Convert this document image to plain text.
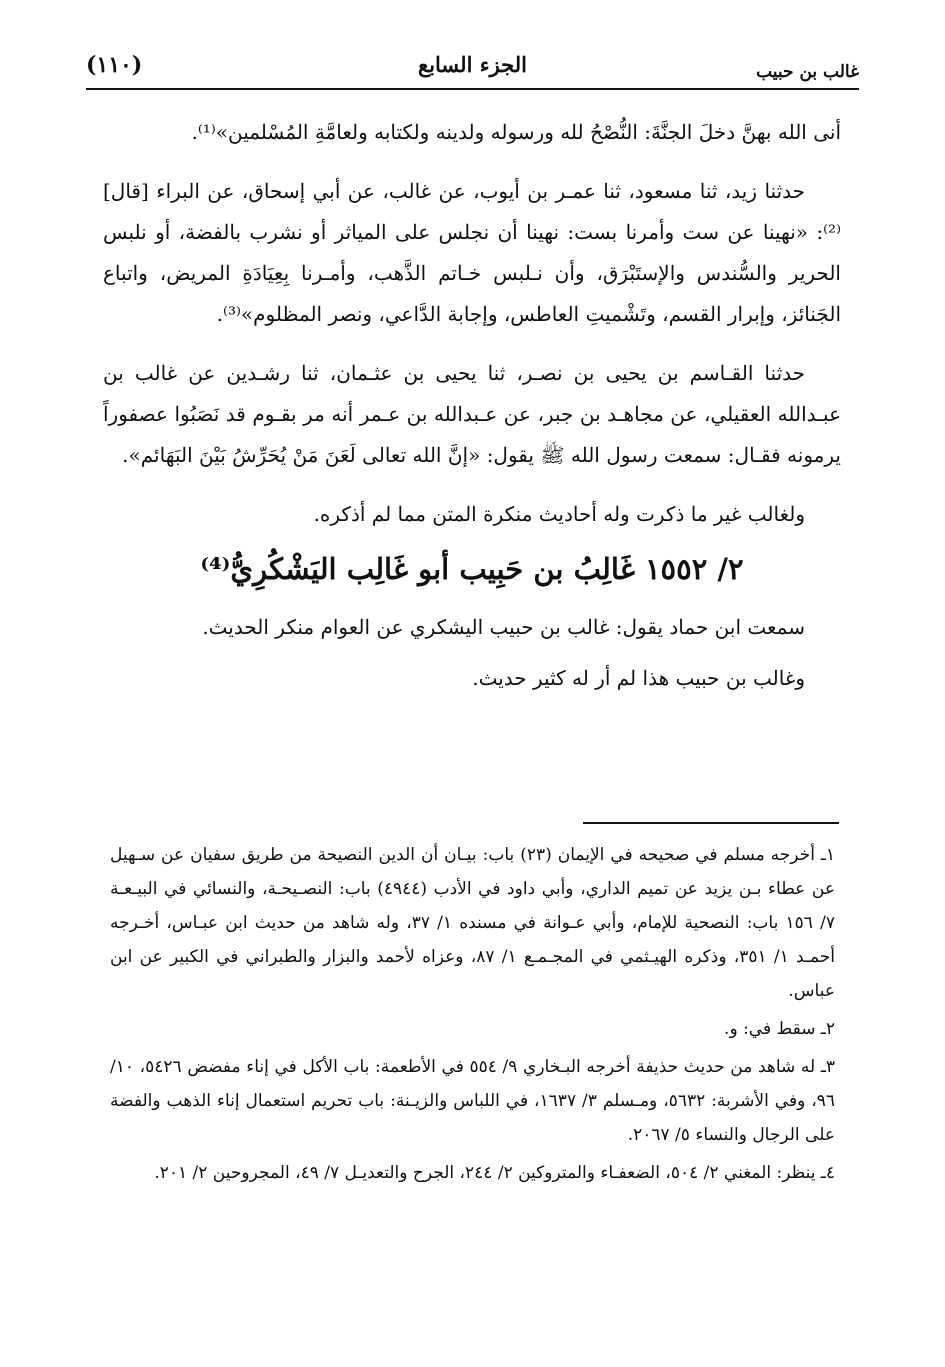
غالب بن حبيب
الجزء السابع
(١١٠)

أنى الله بهنَّ دخلَ الجنَّةَ: النُّصْحُ لله ورسوله ولدينه ولكتابه ولعامَّةِ المُسْلمين»⁽¹⁾.

حدثنا زيد، ثنا مسعود، ثنا عمـر بن أيوب، عن غالب، عن أبي إسحاق، عن البراء [قال]⁽²⁾: «نهينا عن ست وأمرنا بست: نهينا أن نجلس على المياثر أو نشرب بالفضة، أو نلبس الحرير والسُّندس والإستَبْرَق، وأن نـلبس خـاتم الذَّهب، وأمـرنا بِعِيَادَةِ المريض، واتباع الجَنائز، وإبرار القسم، وتَشْميتِ العاطس، وإجابة الدَّاعي، ونصر المظلوم»⁽³⁾.

حدثنا القـاسم بن يحيى بن نصـر، ثنا يحيى بن عثـمان، ثنا رشـدين عن غالب بن عبـدالله العقيلي، عن مجاهـد بن جبر، عن عـبدالله بن عـمر أنه مر بقـوم قد نَصَبُوا عصفوراً يرمونه فقـال: سمعت رسول الله ﷺ يقول: «إنَّ الله تعالى لَعَنَ مَنْ يُحَرِّشُ بَيْنَ البَهَائم».

ولغالب غير ما ذكرت وله أحاديث منكرة المتن مما لم أذكره.

٢/ ١٥٥٢ غَالِبُ بن حَبِيب أبو غَالِب اليَشْكُرِيُّ⁽⁴⁾

سمعت ابن حماد يقول: غالب بن حبيب اليشكري عن العوام منكر الحديث.

وغالب بن حبيب هذا لم أر له كثير حديث.

١ـ أخرجه مسلم في صحيحه في الإيمان (٢٣) باب: بيـان أن الدين النصيحة من طريق سفيان عن سـهيل عن عطاء بـن يزيد عن تميم الداري، وأبي داود في الأدب (٤٩٤٤) باب: النصـيحـة، والنسائي في البيـعـة ٧/ ١٥٦ باب: النصحية للإمام، وأبي عـوانة في مسنده ١/ ٣٧، وله شاهد من حديث ابن عبـاس، أخـرجه أحمـد ١/ ٣٥١، وذكره الهيـثمي في المجـمـع ١/ ٨٧، وعزاه لأحمد والبزار والطبراني في الكبير عن ابن عباس.

٢ـ سقط في: و.

٣ـ له شاهد من حديث حذيفة أخرجه البـخاري ٩/ ٥٥٤ في الأطعمة: باب الأكل في إناء مفضض ٥٤٢٦، ١٠/ ٩٦، وفي الأشربة: ٥٦٣٢، ومـسلم ٣/ ١٦٣٧، في اللباس والزيـنة: باب تحريم استعمال إناء الذهب والفضة على الرجال والنساء ٥/ ٢٠٦٧.

٤ـ ينظر: المغني ٢/ ٥٠٤، الضعفـاء والمتروكين ٢/ ٢٤٤، الجرح والتعديـل ٧/ ٤٩، المجروحين ٢/ ٢٠١.
